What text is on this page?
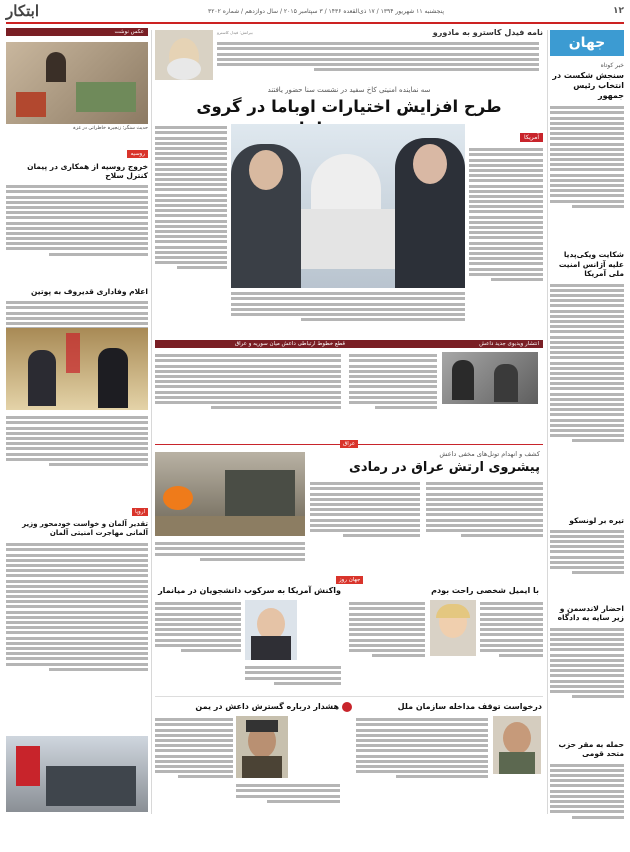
۱۲
پنجشنبه ۱۱ شهریور ۱۳۹۴ / ۱۷ ذی‌القعده ۱۴۳۶ / ۳ سپتامبر ۲۰۱۵ / سال دوازدهم / شماره ۳۲۰۲
ابتکار
جهان
خبر کوتاه
سنجش شکست در انتخاب رئیس جمهور
شکایت ویکی‌پدیا علیه آژانس امنیت ملی آمریکا
تیره بر لونسکو
احضار لاندسمن و زیر سایه به دادگاه
حمله به مقر حزب متحد قومی
عکس نوشت
حدیث سنگر؛ زنجیرہ خاطراتی در غزہ
روسیه
خروج روسیه از همکاری در پیمان کنترل سلاح
اعلام وفاداری قدیروف به پوتین
اروپا
تقدیر آلمان و خواست خودمحور وزیر آلمانی مهاجرت امنیتی آلمان
نامه فیدل کاسترو به مادورو
بیرانش: فیدل کاسترو
سه نماینده امنیتی کاخ سفید در نشست سنا حضور یافتند
طرح افزایش اختیارات اوباما در گروی
آمریکا
قطع خطوط ارتباطی داعش میان سوریه و عراق	انتشار ویدیوی جدید داعش
عراق
کشف و انهدام تونل‌های مخفی داعش
پیشروی ارتش عراق در رمادی
جهان روز
واکنش آمریکا به سرکوب دانشجویان در میانمار	با ایمیل شخصی راحت بودم
هشدار درباره گسترش داعش در یمن	درخواست توقف مداخله سازمان ملل
